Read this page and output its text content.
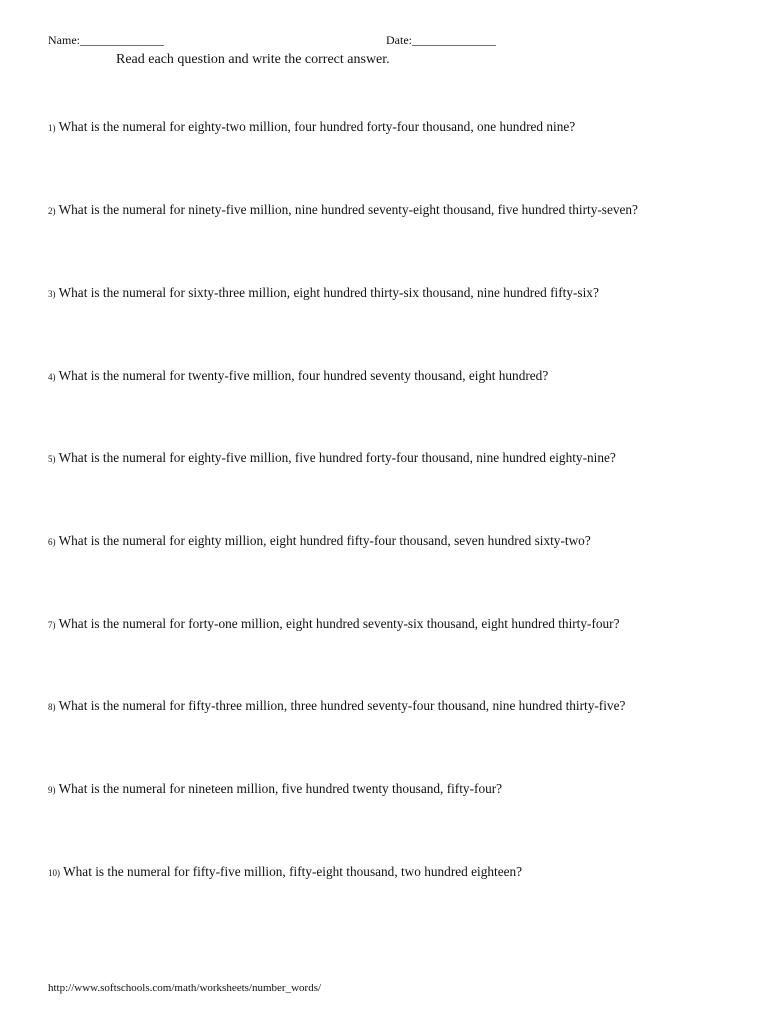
Name:______________	Date:______________
Read each question and write the correct answer.
1) What is the numeral for eighty-two million, four hundred forty-four thousand, one hundred nine?
2) What is the numeral for ninety-five million, nine hundred seventy-eight thousand, five hundred thirty-seven?
3) What is the numeral for sixty-three million, eight hundred thirty-six thousand, nine hundred fifty-six?
4) What is the numeral for twenty-five million, four hundred seventy thousand, eight hundred?
5) What is the numeral for eighty-five million, five hundred forty-four thousand, nine hundred eighty-nine?
6) What is the numeral for eighty million, eight hundred fifty-four thousand, seven hundred sixty-two?
7) What is the numeral for forty-one million, eight hundred seventy-six thousand, eight hundred thirty-four?
8) What is the numeral for fifty-three million, three hundred seventy-four thousand, nine hundred thirty-five?
9) What is the numeral for nineteen million, five hundred twenty thousand, fifty-four?
10) What is the numeral for fifty-five million, fifty-eight thousand, two hundred eighteen?
http://www.softschools.com/math/worksheets/number_words/
